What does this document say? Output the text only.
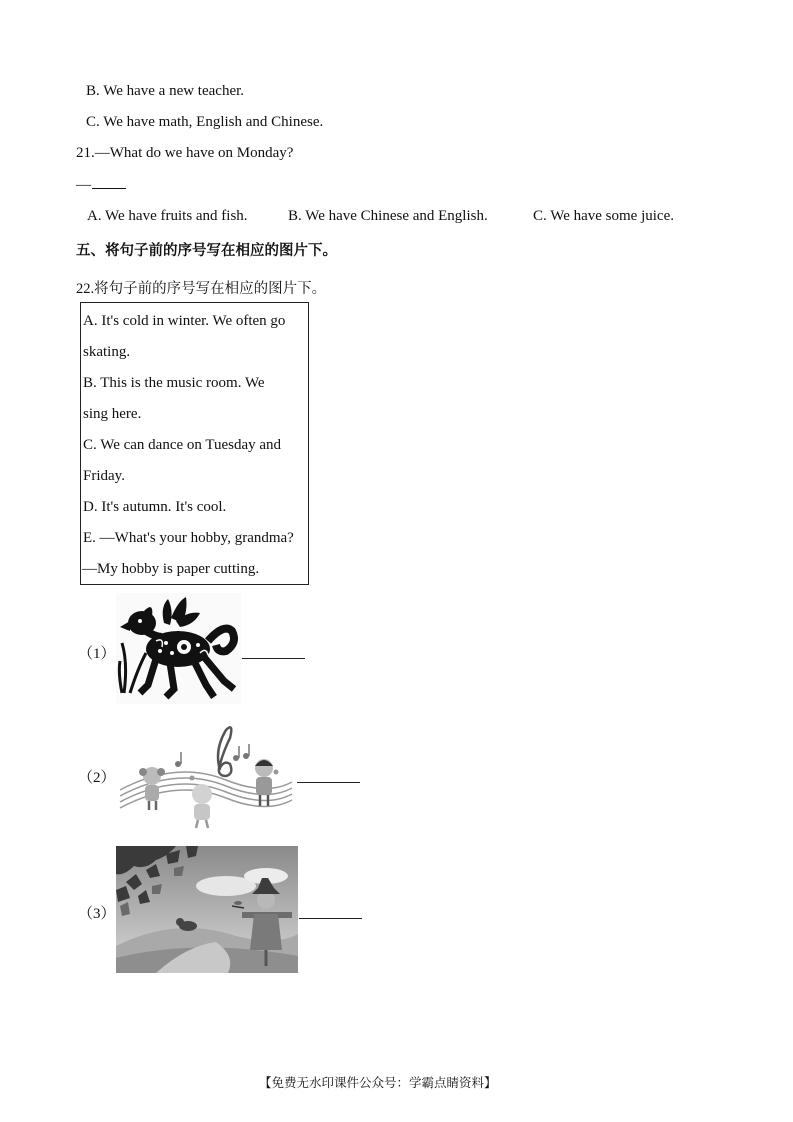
B. We have a new teacher.
C. We have math, English and Chinese.
21.—What do we have on Monday?
—
A. We have fruits and fish.	B. We have Chinese and English.	C. We have some juice.
五、将句子前的序号写在相应的图片下。
22.将句子前的序号写在相应的图片下。
A. It's cold in winter. We often go
skating.
B. This is the music room. We
sing here.
C. We can dance on Tuesday and
Friday.
D. It's autumn. It's cool.
E. —What's your hobby, grandma?
—My hobby is paper cutting.
（1）
（2）
（3）
【免费无水印课件公众号：学霸点睛资料】
